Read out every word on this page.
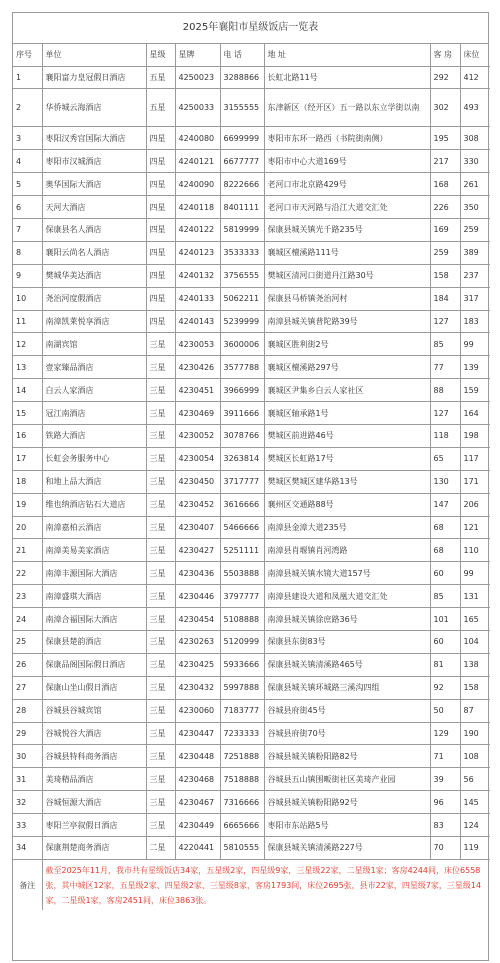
2025年襄阳市星级饭店一览表
序号	单位	星级	星牌	电 话	地 址	客 房	床位
1	襄阳富力皇冠假日酒店	五星	4250023	3288866	长虹北路11号	292	412
2	华侨城云海酒店	五星	4250033	3155555	东津新区（经开区）五一路以东立学街以南	302	493
3	枣阳汉秀宫国际大酒店	四星	4240080	6699999	枣阳市东环一路西（书院街南侧）	195	308
4	枣阳市汉城酒店	四星	4240121	6677777	枣阳市中心大道169号	217	330
5	奥华国际大酒店	四星	4240090	8222666	老河口市北京路429号	168	261
6	天河大酒店	四星	4240118	8401111	老河口市天河路与沿江大道交汇处	226	350
7	保康县名人酒店	四星	4240122	5819999	保康县城关镇光千路235号	169	259
8	襄阳云尚名人酒店	四星	4240123	3533333	襄城区檀溪路111号	259	389
9	樊城华美达酒店	四星	4240132	3756555	樊城区清河口街道丹江路30号	158	237
10	尧治河度假酒店	四星	4240133	5062211	保康县马桥镇尧治河村	184	317
11	南漳凯莱悦享酒店	四星	4240143	5239999	南漳县城关镇普陀路39号	127	183
12	南湖宾馆	三星	4230053	3600006	襄城区胜利街2号	85	99
13	壹家臻品酒店	三星	4230426	3577788	襄城区檀溪路297号	77	139
14	白云人家酒店	三星	4230451	3966999	襄城区尹集乡白云人家社区	88	159
15	冠江南酒店	三星	4230469	3911666	襄城区轴承路1号	127	164
16	铁路大酒店	三星	4230052	3078766	樊城区前进路46号	118	198
17	长虹会务服务中心	三星	4230054	3263814	樊城区长虹路17号	65	117
18	和地上品大酒店	三星	4230450	3717777	樊城区樊城区建华路13号	130	171
19	维也纳酒店钻石大道店	三星	4230452	3616666	襄州区交通路88号	147	206
20	南漳嘉柏云酒店	三星	4230407	5466666	南漳县金漳大道235号	68	121
21	南漳美易美家酒店	三星	4230427	5251111	南漳县肖堰镇肖河湾路	68	110
22	南漳丰源国际大酒店	三星	4230436	5503888	南漳县城关镇水镜大道157号	60	99
23	南漳盛琪大酒店	三星	4230446	3797777	南漳县建设大道和凤凰大道交汇处	85	131
24	南漳合福国际大酒店	三星	4230454	5108888	南漳县城关镇徐庶路36号	101	165
25	保康县楚韵酒店	三星	4230263	5120999	保康县东街83号	60	104
26	保康品阁国际假日酒店	三星	4230425	5933666	保康县城关镇清溪路465号	81	138
27	保康山坐山假日酒店	三星	4230432	5997888	保康县城关镇环城路三溪沟四组	92	158
28	谷城县谷城宾馆	三星	4230060	7183777	谷城县府街45号	50	87
29	谷城悦谷大酒店	三星	4230447	7233333	谷城县府街70号	129	190
30	谷城县特科商务酒店	三星	4230448	7251888	谷城县城关镇粉阳路82号	71	108
31	美琦精品酒店	三星	4230468	7518888	谷城县五山镇围畈街社区美琦产业园	39	56
32	谷城恒源大酒店	三星	4230467	7316666	谷城县城关镇粉阳路92号	96	145
33	枣阳兰亭叙假日酒店	三星	4230449	6665666	枣阳市东站路5号	83	124
34	保康荆楚商务酒店	二星	4220441	5810555	保康县城关镇清溪路227号	70	119
备注	截至2025年11月，我市共有星级饭店34家，五星级2家，四星级9家，三星级22家，二星级1家；客房4244间，床位6558张，其中城区12家，五星级2家、四星级2家、三星级8家，客房1793间，床位2695张，县市22家，四星级7家，三星级14家，二星级1家，客房2451间，床位3863张。						
